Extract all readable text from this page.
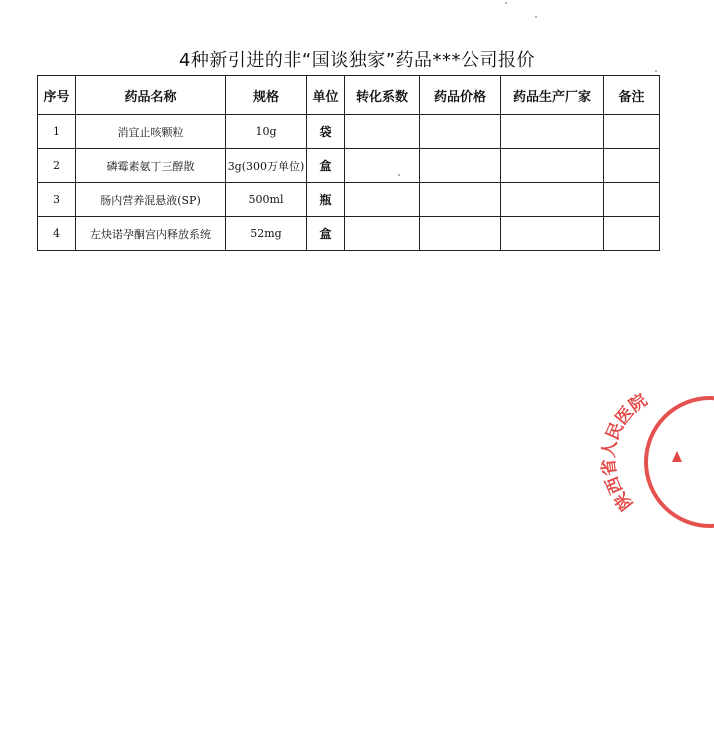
4种新引进的非“国谈独家”药品***公司报价
序号	药品名称	规格	单位	转化系数	药品价格	药品生产厂家	备注
1	消宜止咳颗粒	10g	袋				
2	磷霉素氨丁三醇散	3g(300万单位)	盒				
3	肠内营养混悬液(SP)	500ml	瓶				
4	左炔诺孕酮宫内释放系统	52mg	盒				
陕西省人民医院
